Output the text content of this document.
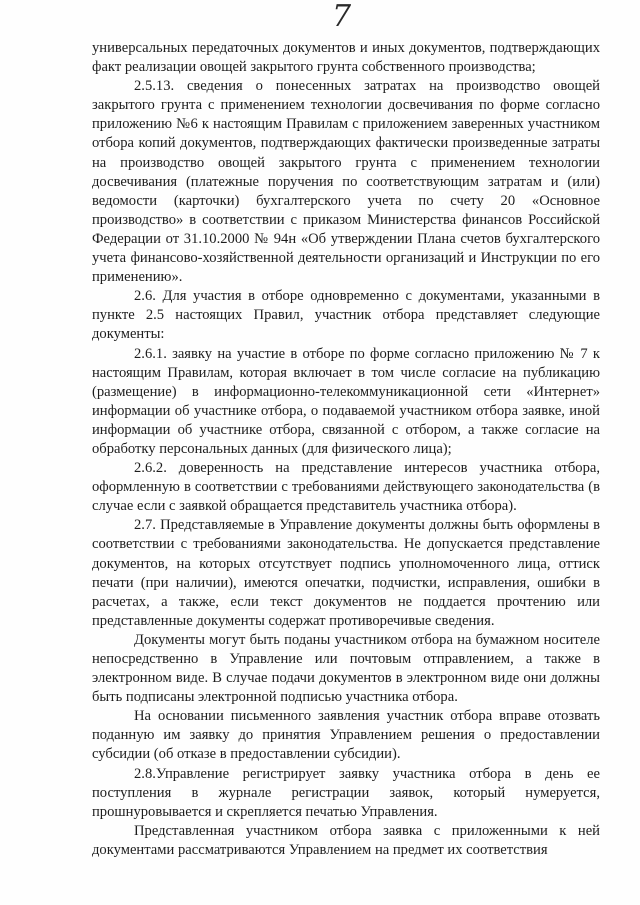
7

универсальных передаточных документов и иных документов, подтверждающих факт реализации овощей закрытого грунта собственного производства;

2.5.13. сведения о понесенных затратах на производство овощей закрытого грунта с применением технологии досвечивания по форме согласно приложению №6 к настоящим Правилам с приложением заверенных участником отбора копий документов, подтверждающих фактически произведенные затраты на производство овощей закрытого грунта с применением технологии досвечивания (платежные поручения по соответствующим затратам и (или) ведомости (карточки) бухгалтерского учета по счету 20 «Основное производство» в соответствии с приказом Министерства финансов Российской Федерации от 31.10.2000 № 94н «Об утверждении Плана счетов бухгалтерского учета финансово-хозяйственной деятельности организаций и Инструкции по его применению».

2.6. Для участия в отборе одновременно с документами, указанными в пункте 2.5 настоящих Правил, участник отбора представляет следующие документы:

2.6.1. заявку на участие в отборе по форме согласно приложению № 7 к настоящим Правилам, которая включает в том числе согласие на публикацию (размещение) в информационно-телекоммуникационной сети «Интернет» информации об участнике отбора, о подаваемой участником отбора заявке, иной информации об участнике отбора, связанной с отбором, а также согласие на обработку персональных данных (для физического лица);

2.6.2. доверенность на представление интересов участника отбора, оформленную в соответствии с требованиями действующего законодательства (в случае если с заявкой обращается представитель участника отбора).

2.7. Представляемые в Управление документы должны быть оформлены в соответствии с требованиями законодательства. Не допускается представление документов, на которых отсутствует подпись уполномоченного лица, оттиск печати (при наличии), имеются опечатки, подчистки, исправления, ошибки в расчетах, а также, если текст документов не поддается прочтению или представленные документы содержат противоречивые сведения.

Документы могут быть поданы участником отбора на бумажном носителе непосредственно в Управление или почтовым отправлением, а также в электронном виде. В случае подачи документов в электронном виде они должны быть подписаны электронной подписью участника отбора.

На основании письменного заявления участник отбора вправе отозвать поданную им заявку до принятия Управлением решения о предоставлении субсидии (об отказе в предоставлении субсидии).

2.8.Управление регистрирует заявку участника отбора в день ее поступления в журнале регистрации заявок, который нумеруется, прошнуровывается и скрепляется печатью Управления.

Представленная участником отбора заявка с приложенными к ней документами рассматриваются Управлением на предмет их соответствия
